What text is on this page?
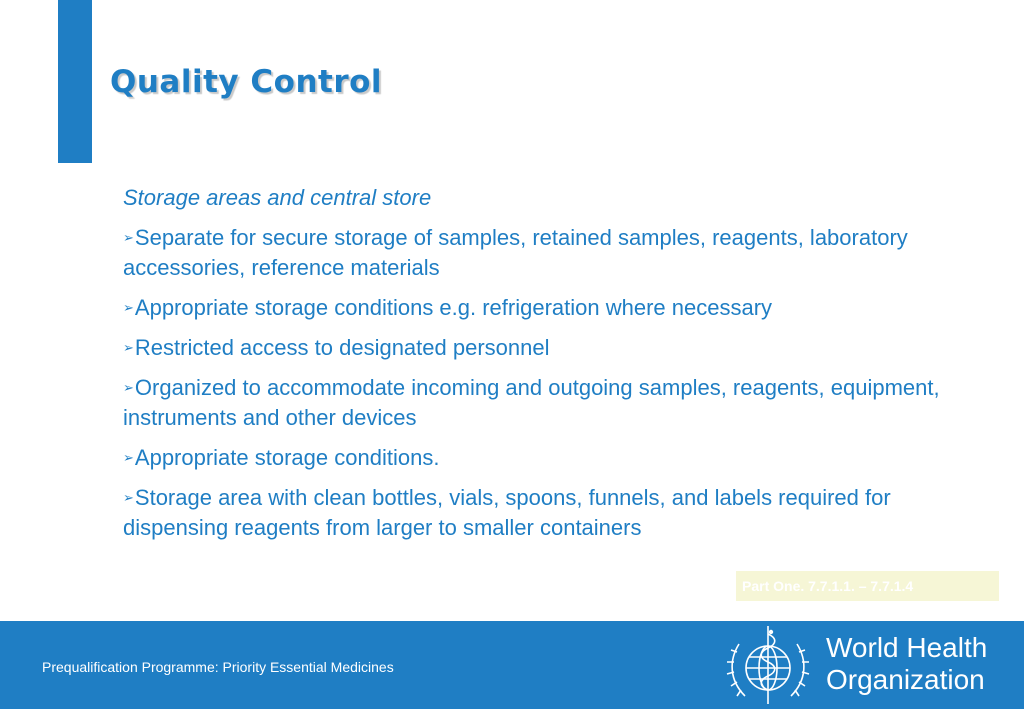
Quality Control

Storage areas and central store

➢Separate for secure storage of samples, retained samples, reagents, laboratory accessories, reference materials
➢Appropriate storage conditions e.g. refrigeration where necessary
➢Restricted access to designated personnel
➢Organized to accommodate incoming and outgoing samples, reagents, equipment, instruments and other devices
➢Appropriate storage conditions.
➢Storage area with clean bottles, vials, spoons, funnels, and labels required for dispensing reagents from larger to smaller containers
Part One. 7.7.1.1. – 7.7.1.4
Prequalification Programme: Priority Essential Medicines
World Health
Organization
